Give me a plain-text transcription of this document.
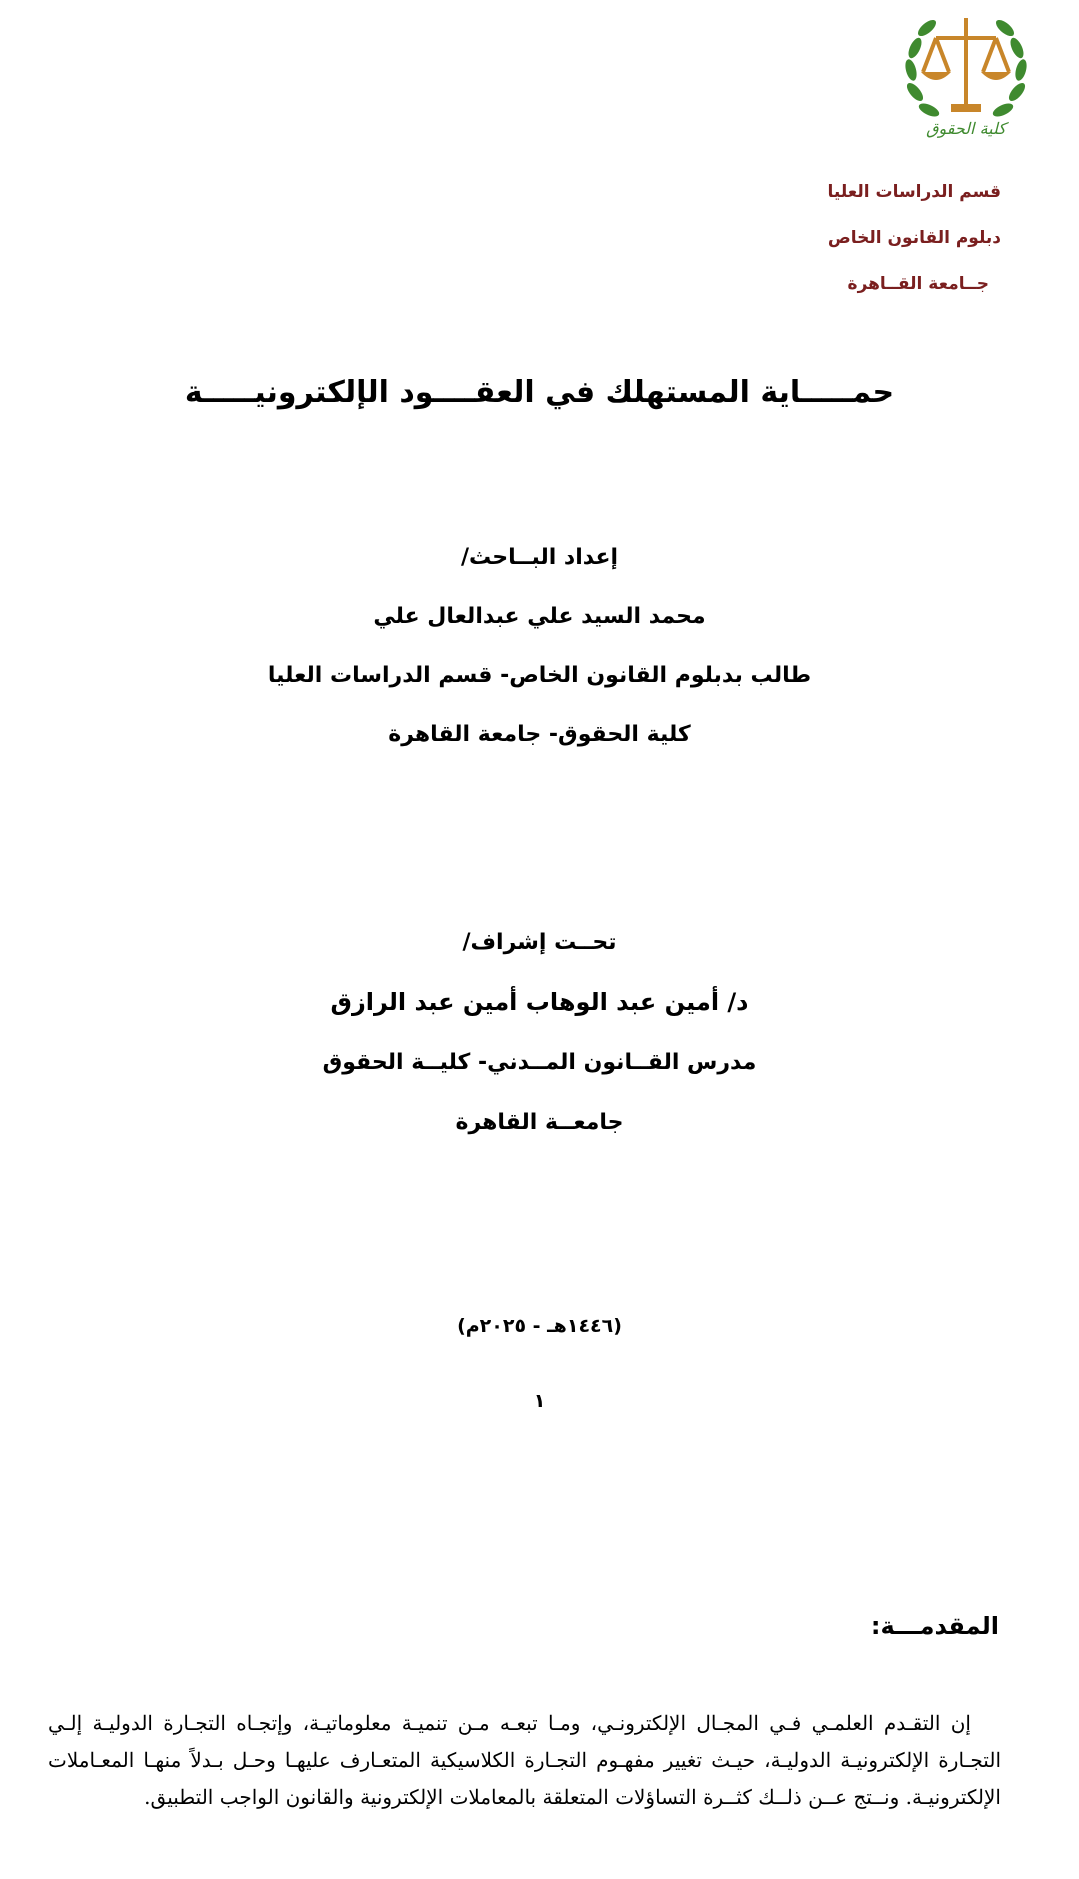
كلية الحقوق
قسم الدراسات العليا
دبلوم القانون الخاص
جــامعة القــاهرة
حمـــــاية المستهلك في العقــــود الإلكترونيـــــة
إعداد البــاحث/
محمد السيد علي عبدالعال علي
طالب بدبلوم القانون الخاص- قسم الدراسات العليا
كلية الحقوق- جامعة القاهرة
تحــت إشراف/
د/ أمين عبد الوهاب أمين عبد الرازق
مدرس القــانون المــدني- كليــة الحقوق
جامعــة القاهرة
(١٤٤٦هـ - ٢٠٢٥م)
١
المقدمـــة:
إن التقـدم العلمـي فـي المجـال الإلكترونـي، ومـا تبعـه مـن تنميـة معلوماتيـة، وإتجـاه التجـارة الدوليـة إلـي التجـارة الإلكترونيـة الدوليـة، حيـث تغيير مفهـوم التجـارة الكلاسيكية المتعـارف عليهـا وحـل بـدلاً منهـا المعـاملات الإلكترونيـة. ونــتج عــن ذلــك كثــرة التساؤلات المتعلقة بالمعاملات الإلكترونية والقانون الواجب التطبيق.
